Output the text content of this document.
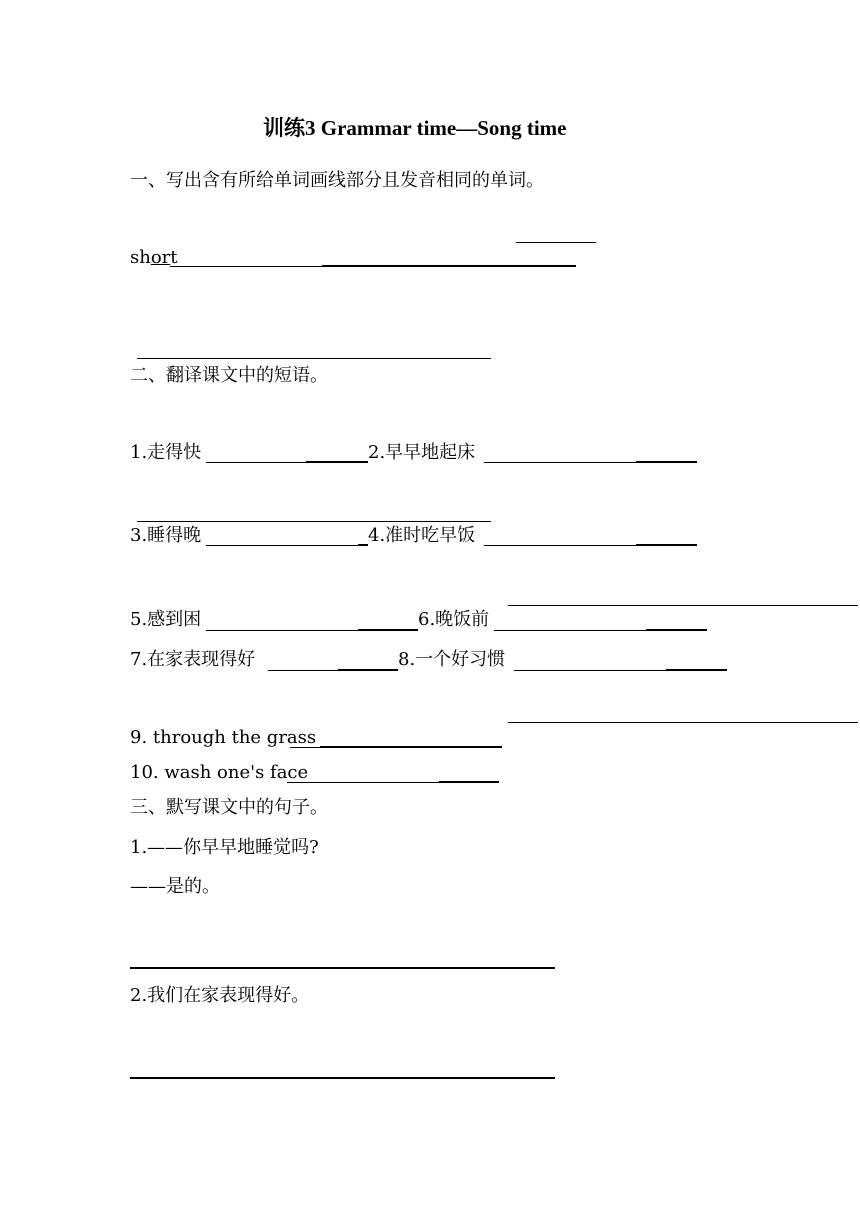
训练3 Grammar time—Song time
一、写出含有所给单词画线部分且发音相同的单词。
short
二、翻译课文中的短语。
1.走得快	2.早早地起床
3.睡得晚	4.准时吃早饭
5.感到困	6.晚饭前
7.在家表现得好	8.一个好习惯
9. through the grass
10. wash one's face
三、默写课文中的句子。
1.——你早早地睡觉吗?
——是的。
2.我们在家表现得好。
